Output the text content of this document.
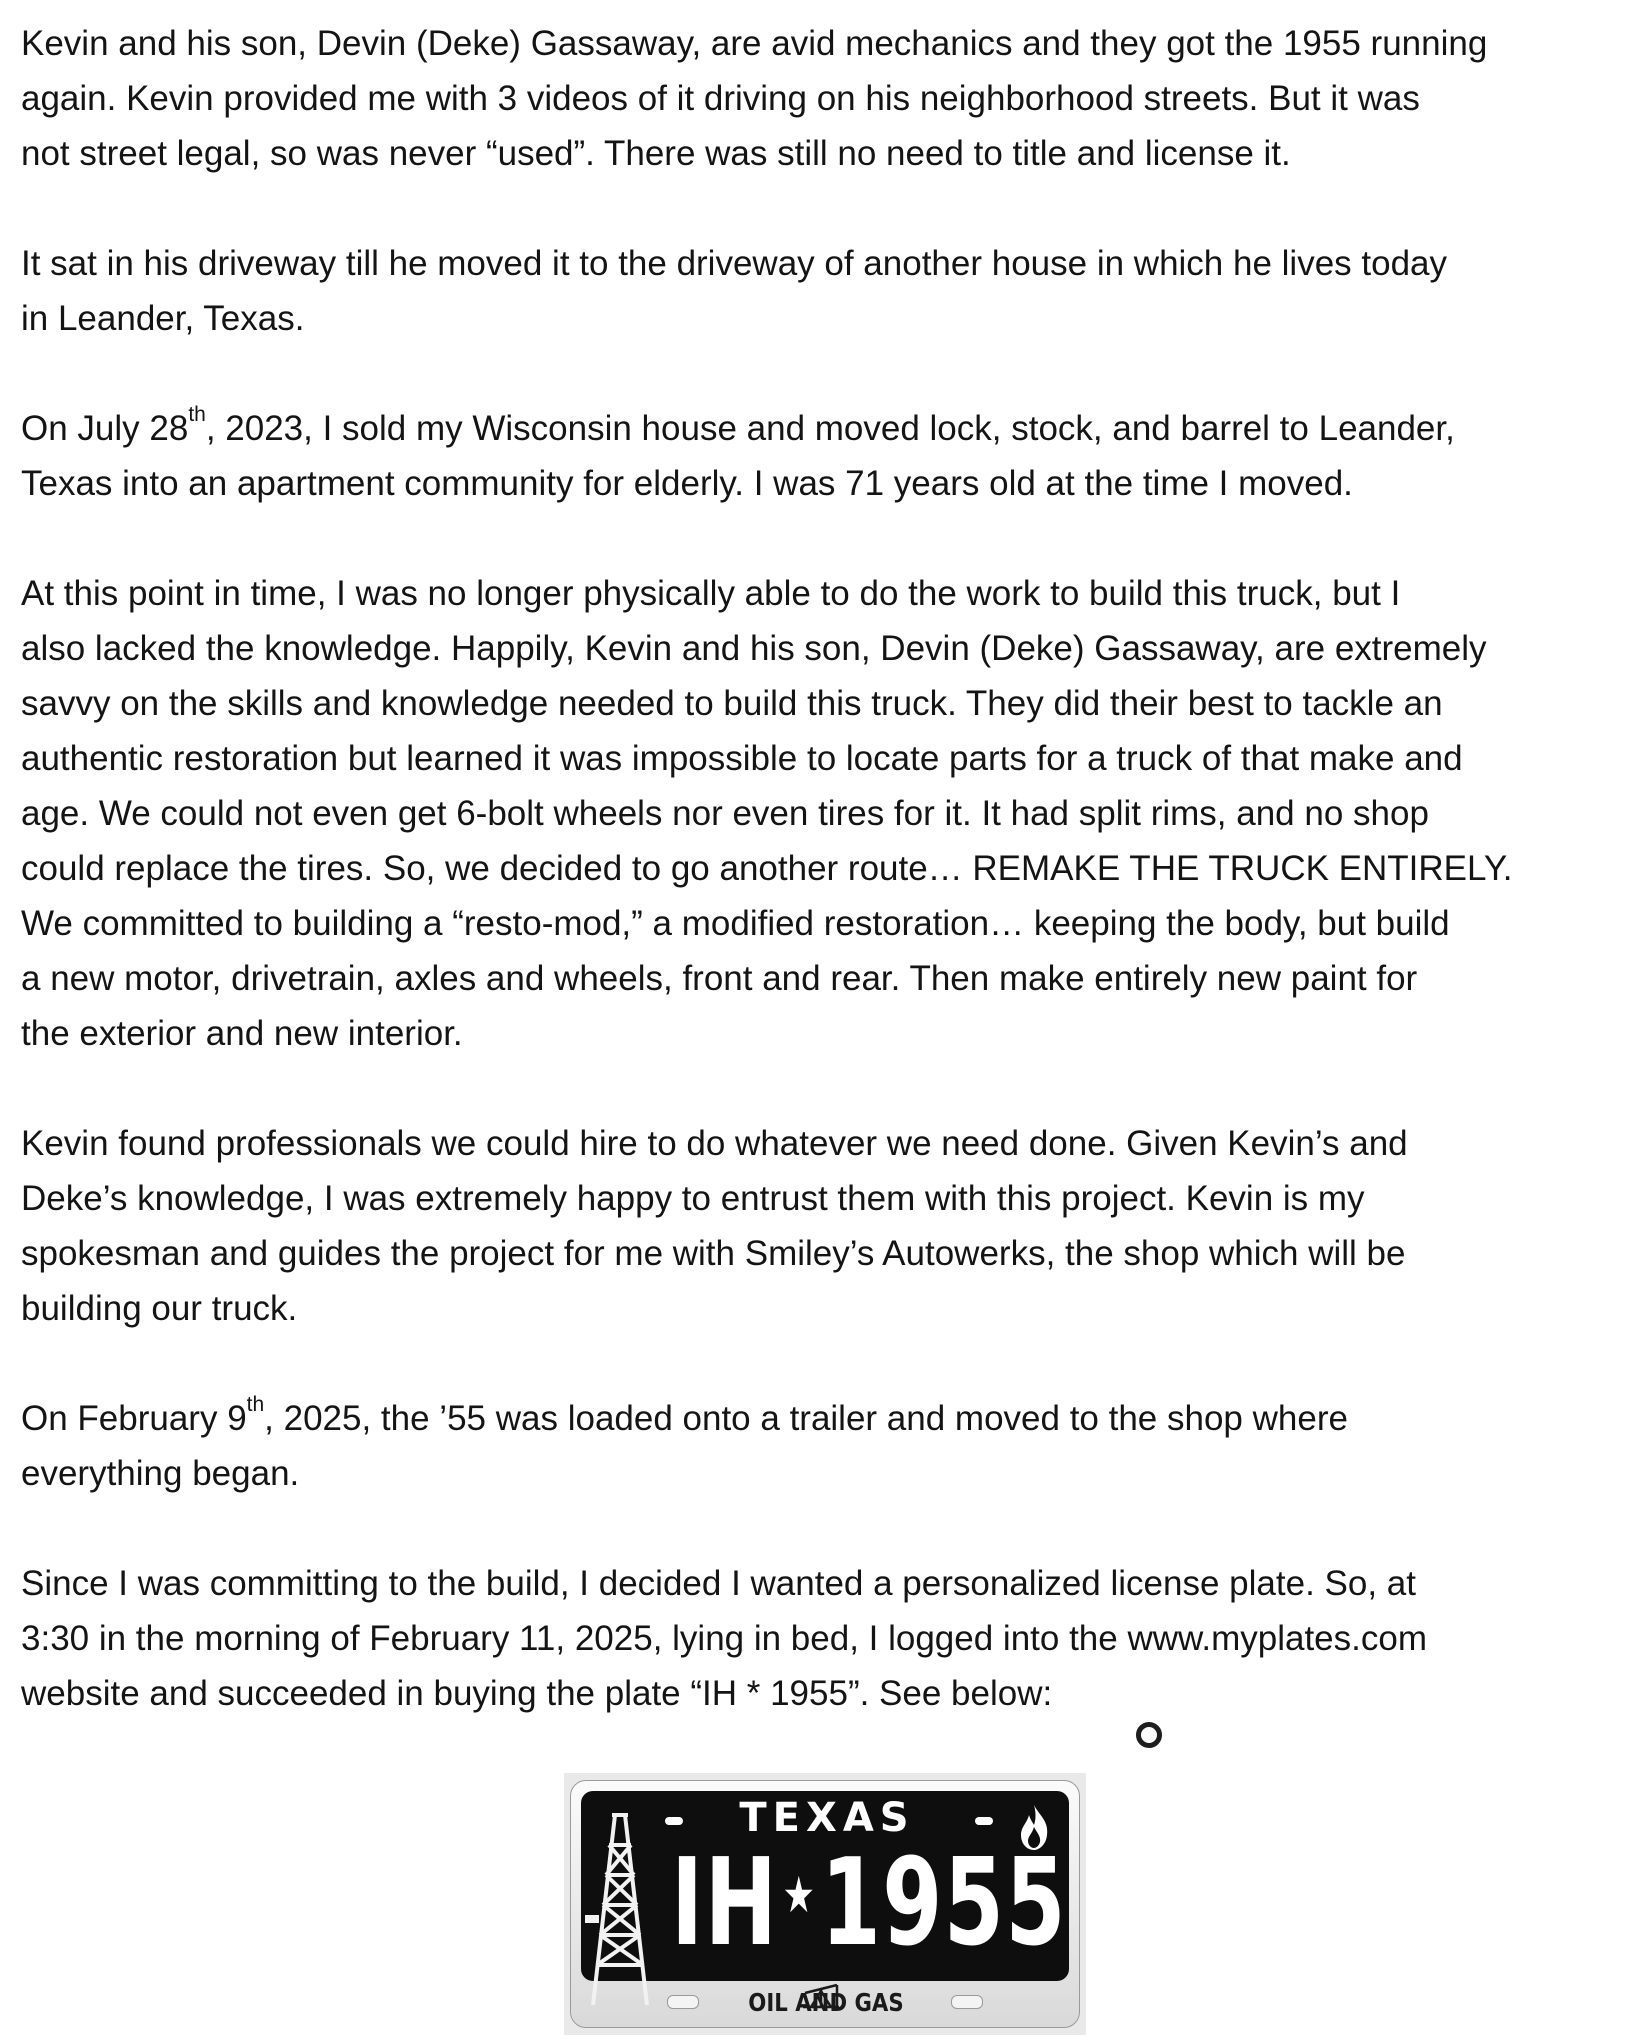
Kevin and his son, Devin (Deke) Gassaway, are avid mechanics and they got the 1955 running
again. Kevin provided me with 3 videos of it driving on his neighborhood streets. But it was
not street legal, so was never “used”. There was still no need to title and license it.

It sat in his driveway till he moved it to the driveway of another house in which he lives today
in Leander, Texas.

On July 28th, 2023, I sold my Wisconsin house and moved lock, stock, and barrel to Leander,
Texas into an apartment community for elderly. I was 71 years old at the time I moved.

At this point in time, I was no longer physically able to do the work to build this truck, but I
also lacked the knowledge. Happily, Kevin and his son, Devin (Deke) Gassaway, are extremely
savvy on the skills and knowledge needed to build this truck. They did their best to tackle an
authentic restoration but learned it was impossible to locate parts for a truck of that make and
age. We could not even get 6-bolt wheels nor even tires for it. It had split rims, and no shop
could replace the tires. So, we decided to go another route… REMAKE THE TRUCK ENTIRELY.
We committed to building a “resto-mod,” a modified restoration… keeping the body, but build
a new motor, drivetrain, axles and wheels, front and rear. Then make entirely new paint for
the exterior and new interior.

Kevin found professionals we could hire to do whatever we need done. Given Kevin’s and
Deke’s knowledge, I was extremely happy to entrust them with this project. Kevin is my
spokesman and guides the project for me with Smiley’s Autowerks, the shop which will be
building our truck.

On February 9th, 2025, the ’55 was loaded onto a trailer and moved to the shop where
everything began.

Since I was committing to the build, I decided I wanted a personalized license plate. So, at
3:30 in the morning of February 11, 2025, lying in bed, I logged into the www.myplates.com
website and succeeded in buying the plate “IH * 1955”. See below:

TEXAS
IH★1955
OIL AND GAS
